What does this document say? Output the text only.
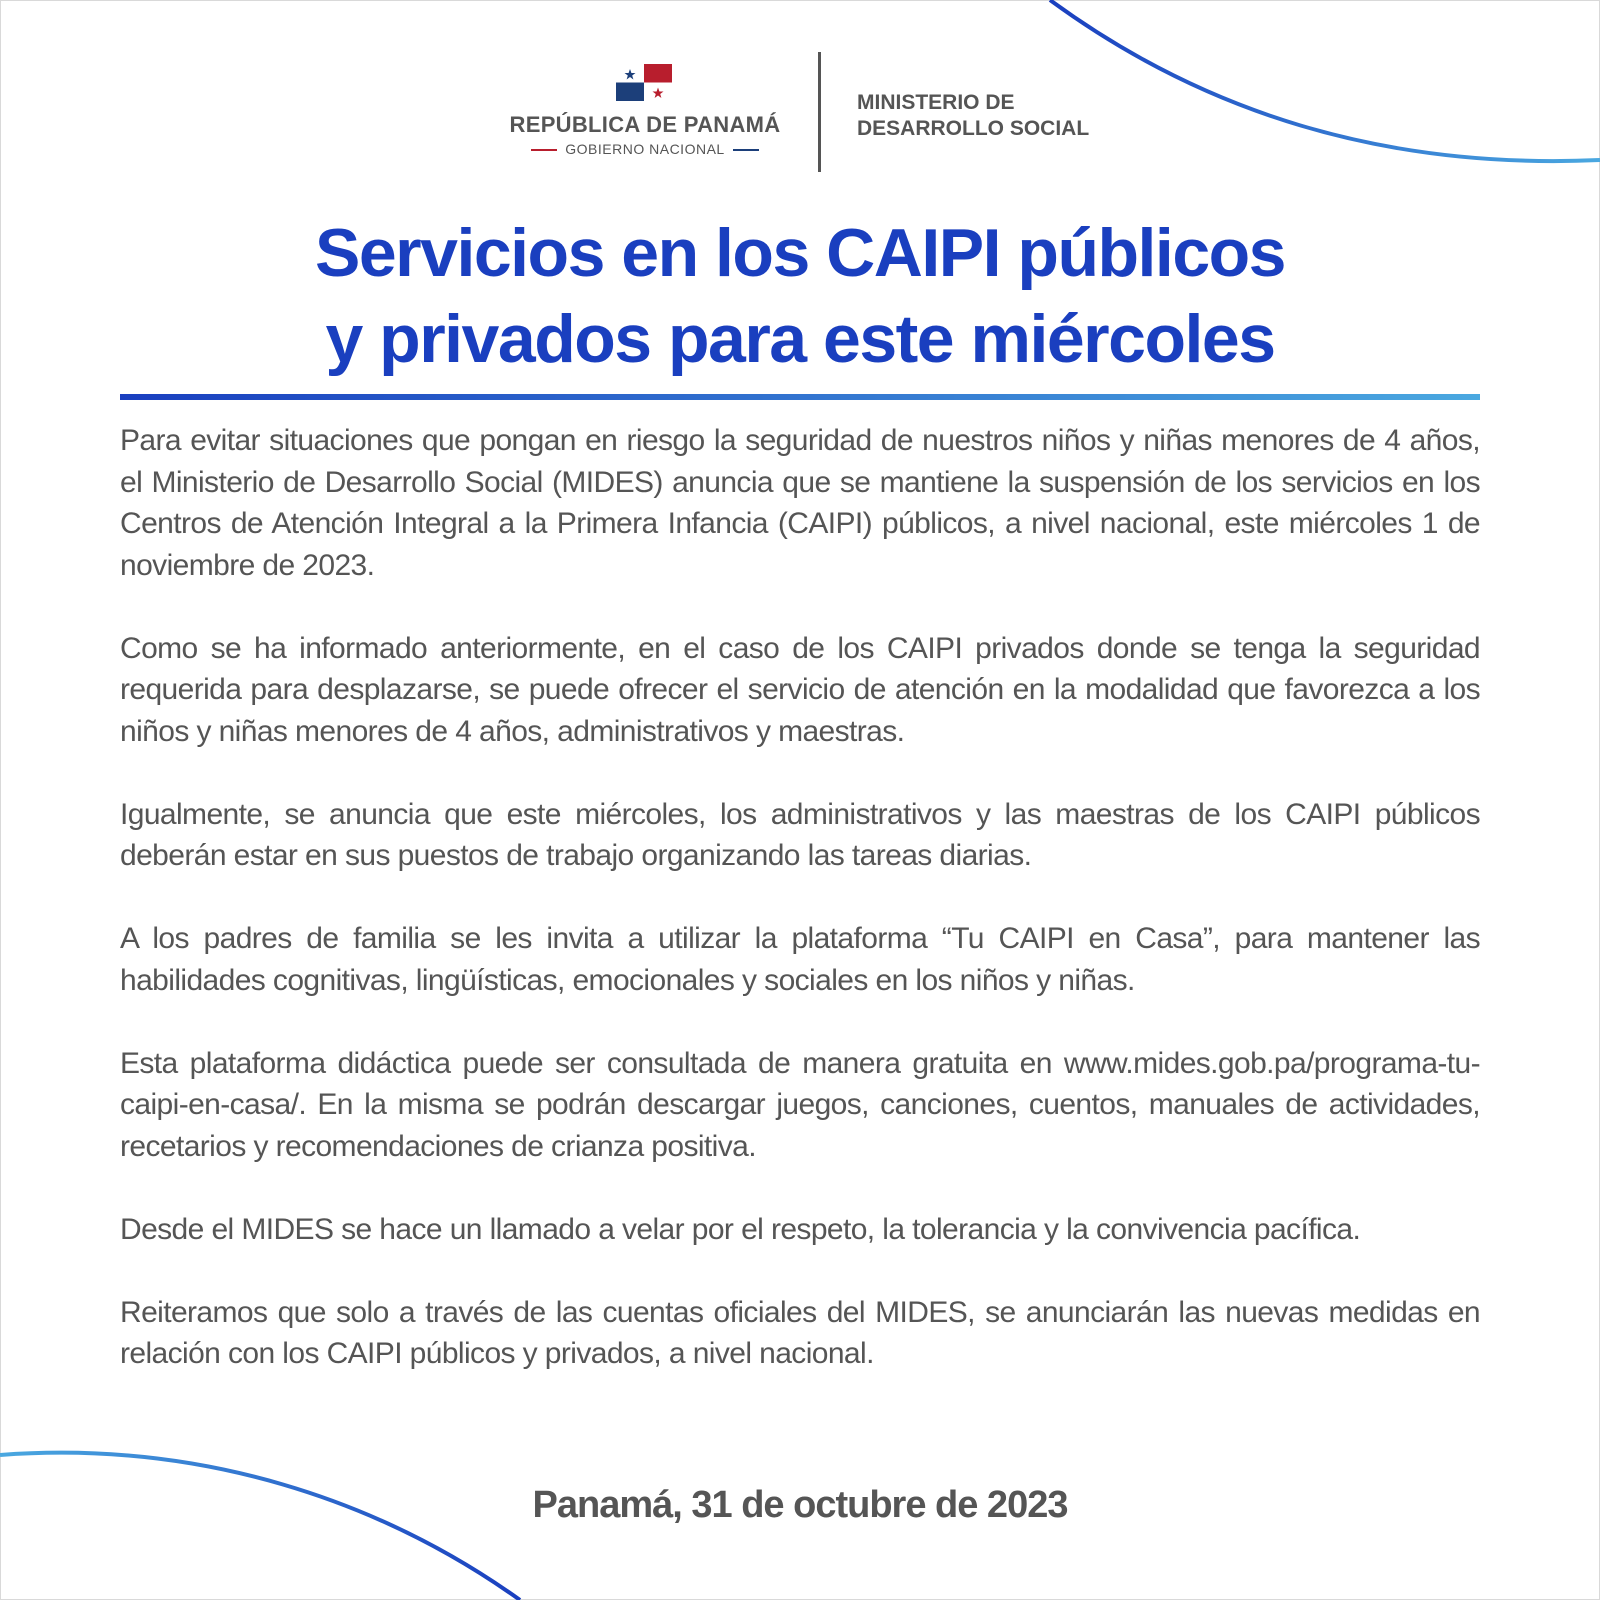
REPÚBLICA DE PANAMÁ
GOBIERNO NACIONAL
MINISTERIO DE
DESARROLLO SOCIAL
Servicios en los CAIPI públicos
y privados para este miércoles

Para evitar situaciones que pongan en riesgo la seguridad de nuestros niños y niñas menores de 4 años, el Ministerio de Desarrollo Social (MIDES) anuncia que se mantiene la suspensión de los servicios en los Centros de Atención Integral a la Primera Infancia (CAIPI) públicos, a nivel nacional, este miércoles 1 de noviembre de 2023.

Como se ha informado anteriormente, en el caso de los CAIPI privados donde se tenga la seguridad requerida para desplazarse, se puede ofrecer el servicio de atención en la modalidad que favorezca a los niños y niñas menores de 4 años, administrativos y maestras.

Igualmente, se anuncia que este miércoles, los administrativos y las maestras de los CAIPI públicos deberán estar en sus puestos de trabajo organizando las tareas diarias.

A los padres de familia se les invita a utilizar la plataforma “Tu CAIPI en Casa”, para mantener las habilidades cognitivas, lingüísticas, emocionales y sociales en los niños y niñas.

Esta plataforma didáctica puede ser consultada de manera gratuita en www.mides.gob.pa/programa-tu-caipi-en-casa/. En la misma se podrán descargar juegos, canciones, cuentos, manuales de actividades, recetarios y recomendaciones de crianza positiva.

Desde el MIDES se hace un llamado a velar por el respeto, la tolerancia y la convivencia pacífica.

Reiteramos que solo a través de las cuentas oficiales del MIDES, se anunciarán las nuevas medidas en relación con los CAIPI públicos y privados, a nivel nacional.

Panamá, 31 de octubre de 2023
